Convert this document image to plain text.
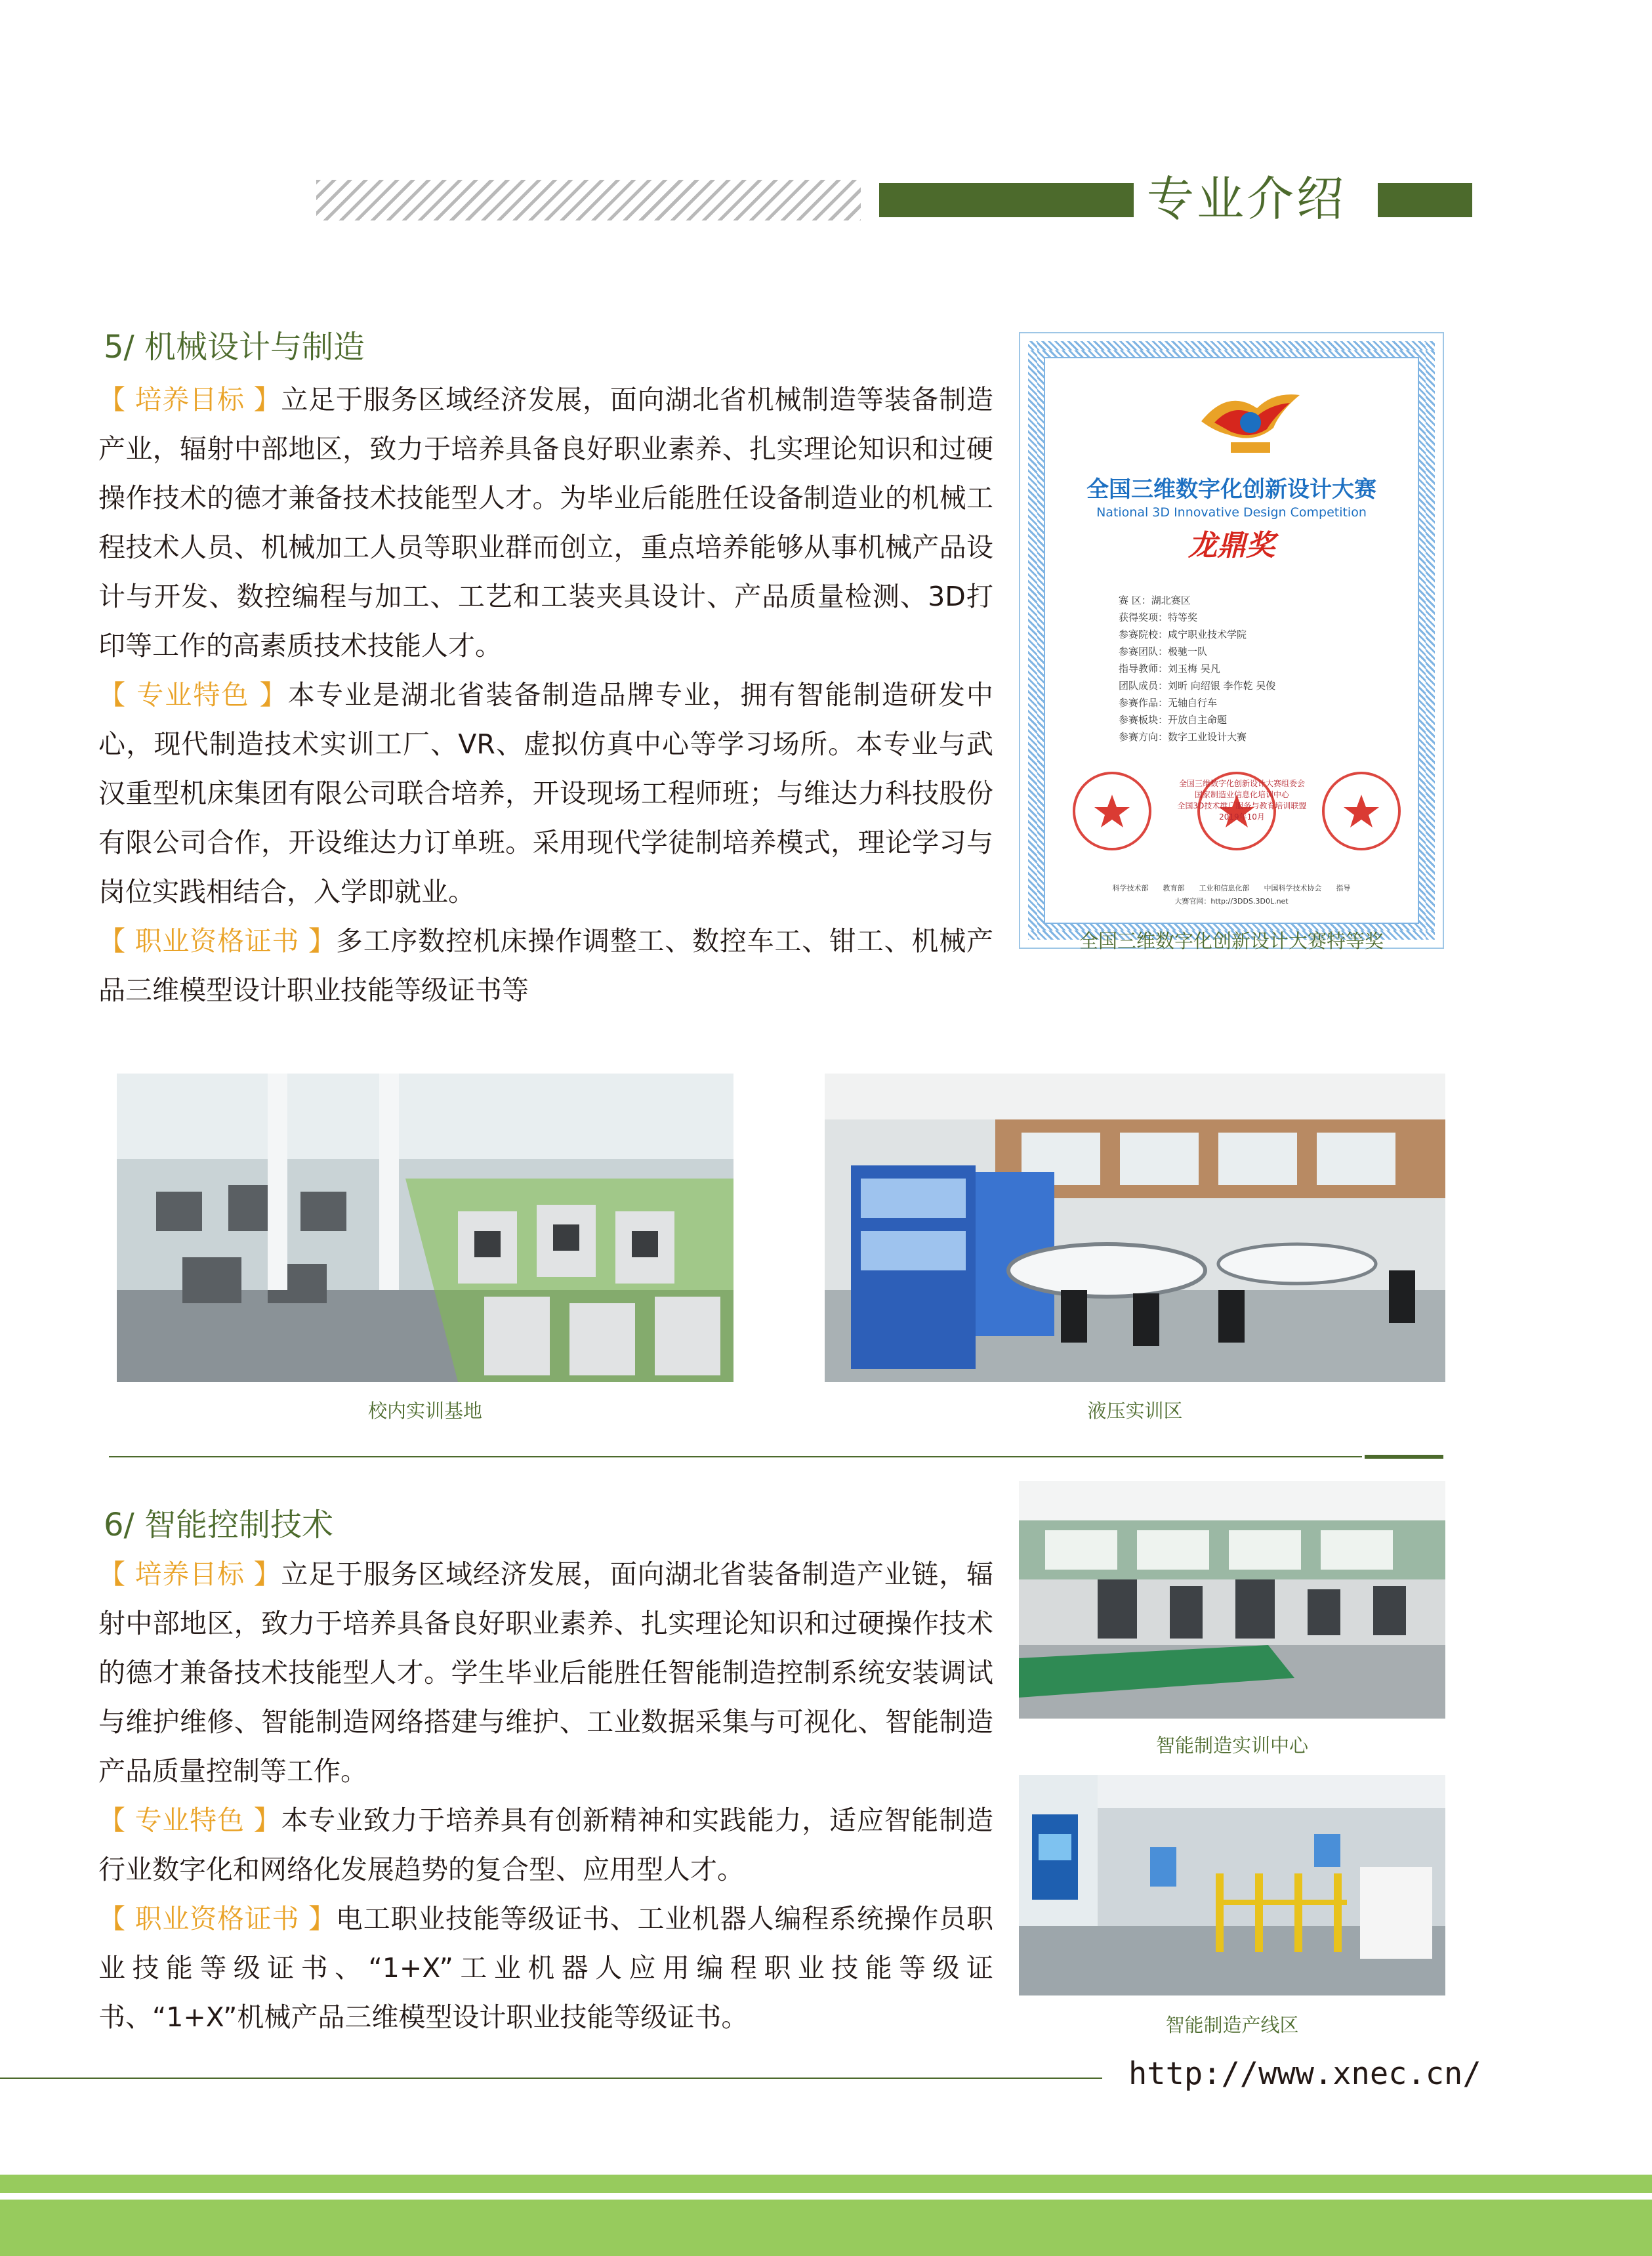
专业介绍
5/ 机械设计与制造

【 培养目标 】立足于服务区域经济发展，面向湖北省机械制造等装备制造产业，辐射中部地区，致力于培养具备良好职业素养、扎实理论知识和过硬操作技术的德才兼备技术技能型人才。为毕业后能胜任设备制造业的机械工程技术人员、机械加工人员等职业群而创立，重点培养能够从事机械产品设计与开发、数控编程与加工、工艺和工装夹具设计、产品质量检测、3D打印等工作的高素质技术技能人才。

【 专业特色 】本专业是湖北省装备制造品牌专业，拥有智能制造研发中心，现代制造技术实训工厂、VR、虚拟仿真中心等学习场所。本专业与武汉重型机床集团有限公司联合培养，开设现场工程师班；与维达力科技股份有限公司合作，开设维达力订单班。采用现代学徒制培养模式，理论学习与岗位实践相结合，入学即就业。

【 职业资格证书 】多工序数控机床操作调整工、数控车工、钳工、机械产品三维模型设计职业技能等级证书等

全国三维数字化创新设计大赛
National 3D Innovative Design Competition
龙鼎奖
赛 区：湖北赛区
获得奖项：特等奖
参赛院校：咸宁职业技术学院
参赛团队：极驰一队
指导教师：刘玉梅 吴凡
团队成员：刘昕 向绍银 李作乾 吴俊
参赛作品：无轴自行车
参赛板块：开放自主命题
参赛方向：数字工业设计大赛
全国三维数字化创新设计大赛组委会
国家制造业信息化培训中心
全国3D技术推广服务与教育培训联盟
2019年10月
科学技术部　　教育部　　工业和信息化部　　中国科学技术协会　　指导
大赛官网：http://3DDS.3D0L.net
全国三维数字化创新设计大赛特等奖
校内实训基地	液压实训区
6/ 智能控制技术

【 培养目标 】立足于服务区域经济发展，面向湖北省装备制造产业链，辐射中部地区，致力于培养具备良好职业素养、扎实理论知识和过硬操作技术的德才兼备技术技能型人才。学生毕业后能胜任智能制造控制系统安装调试与维护维修、智能制造网络搭建与维护、工业数据采集与可视化、智能制造产品质量控制等工作。

【 专业特色 】本专业致力于培养具有创新精神和实践能力，适应智能制造行业数字化和网络化发展趋势的复合型、应用型人才。

【 职业资格证书 】电工职业技能等级证书、工业机器人编程系统操作员职业技能等级证书、“1+X”工业机器人应用编程职业技能等级证书、“1+X”机械产品三维模型设计职业技能等级证书。

智能制造实训中心
智能制造产线区
http://www.xnec.cn/
